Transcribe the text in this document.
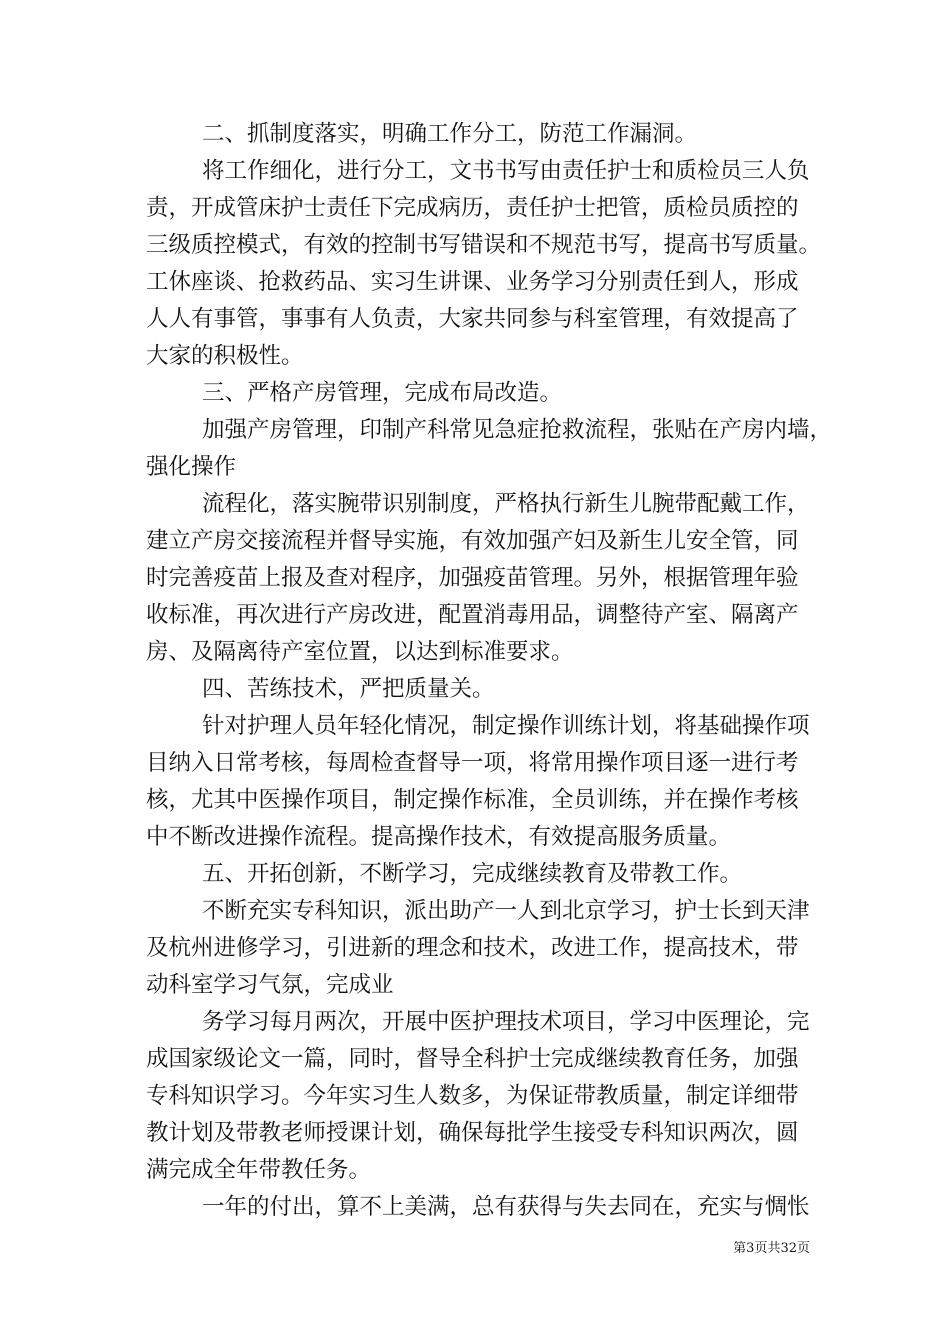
二、抓制度落实，明确工作分工，防范工作漏洞。
将工作细化，进行分工，文书书写由责任护士和质检员三人负
责，开成管床护士责任下完成病历，责任护士把管，质检员质控的
三级质控模式，有效的控制书写错误和不规范书写，提高书写质量。
工休座谈、抢救药品、实习生讲课、业务学习分别责任到人，形成
人人有事管，事事有人负责，大家共同参与科室管理，有效提高了
大家的积极性。
三、严格产房管理，完成布局改造。
加强产房管理，印制产科常见急症抢救流程，张贴在产房内墙，
强化操作
流程化，落实腕带识别制度，严格执行新生儿腕带配戴工作，
建立产房交接流程并督导实施，有效加强产妇及新生儿安全管，同
时完善疫苗上报及查对程序，加强疫苗管理。另外，根据管理年验
收标准，再次进行产房改进，配置消毒用品，调整待产室、隔离产
房、及隔离待产室位置，以达到标准要求。
四、苦练技术，严把质量关。
针对护理人员年轻化情况，制定操作训练计划，将基础操作项
目纳入日常考核，每周检查督导一项，将常用操作项目逐一进行考
核，尤其中医操作项目，制定操作标准，全员训练，并在操作考核
中不断改进操作流程。提高操作技术，有效提高服务质量。
五、开拓创新，不断学习，完成继续教育及带教工作。
不断充实专科知识，派出助产一人到北京学习，护士长到天津
及杭州进修学习，引进新的理念和技术，改进工作，提高技术，带
动科室学习气氛，完成业
务学习每月两次，开展中医护理技术项目，学习中医理论，完
成国家级论文一篇，同时，督导全科护士完成继续教育任务，加强
专科知识学习。今年实习生人数多，为保证带教质量，制定详细带
教计划及带教老师授课计划，确保每批学生接受专科知识两次，圆
满完成全年带教任务。
一年的付出，算不上美满，总有获得与失去同在，充实与惆怅
第3页共32页
